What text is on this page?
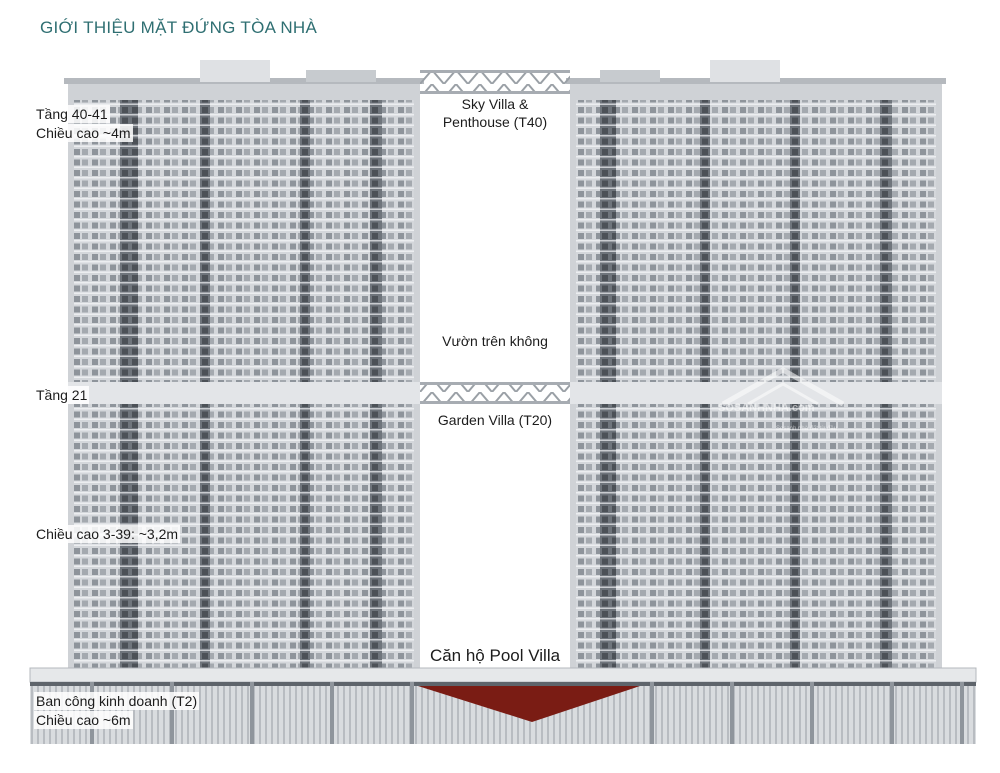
GIỚI THIỆU MẶT ĐỨNG TÒA NHÀ
Tầng 40-41
Chiều cao ~4m
Sky Villa &
Penthouse (T40)
Vườn trên không
Tầng 21
Garden Villa (T20)
Chiều cao 3-39: ~3,2m
Căn hộ Pool Villa
Ban công kinh doanh (T2)
Chiều cao ~6m
SOSANHNHA.com
Sosanh nhà đất từ đầu
